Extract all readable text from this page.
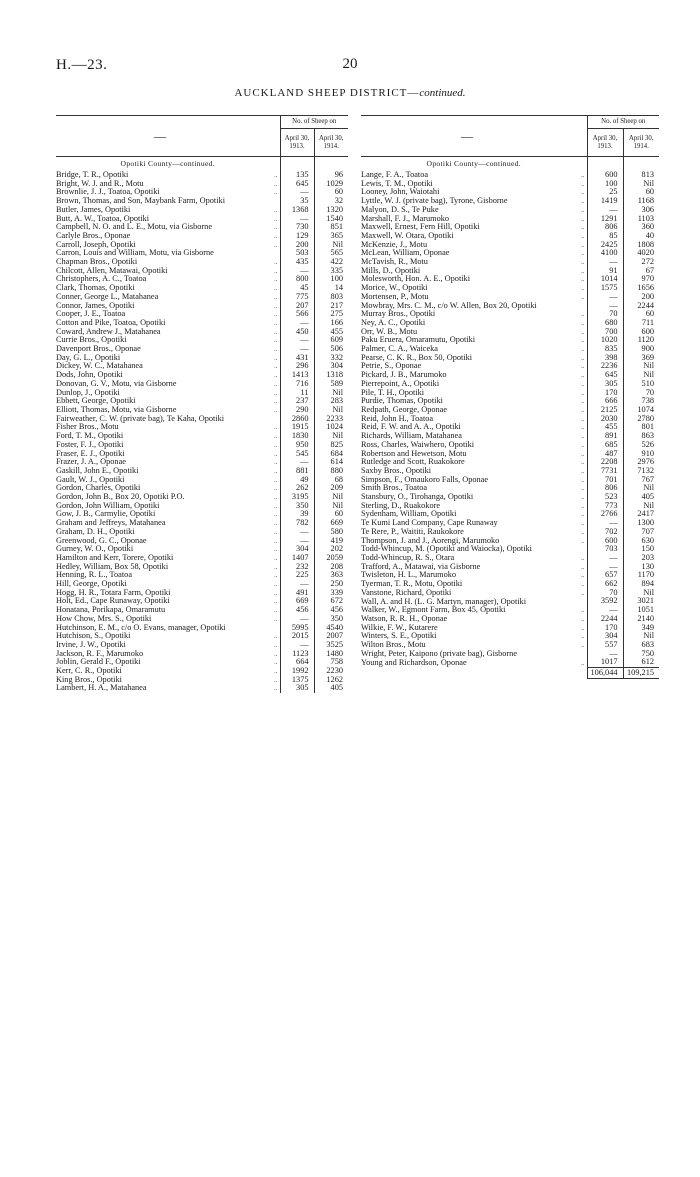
H.—23.	20
AUCKLAND SHEEP DISTRICT—continued.
—		No. of Sheep on	
		April 30, 1913.	April 30, 1914.
Opotiki County—continued.			
Bridge, T. R., Opotiki	..	135	96
Bright, W. J. and R., Motu	..	645	1029
Brownlie, J. J., Toatoa, Opotiki	..	—	60
Brown, Thomas, and Son, Maybank Farm, Opotiki		35	32
Butler, James, Opotiki	..	1368	1320
Butt, A. W., Toatoa, Opotiki	..	—	1540
Campbell, N. O. and L. E., Motu, via Gisborne	..	730	851
Carlyle Bros., Oponae	..	129	365
Carroll, Joseph, Opotiki	..	200	Nil
Carron, Louis and William, Motu, via Gisborne		503	565
Chapman Bros., Opotiki	..	435	422
Chilcott, Allen, Matawai, Opotiki	..	—	335
Christophers, A. C., Toatoa	..	800	100
Clark, Thomas, Opotiki	..	45	14
Conner, George L., Matahanea	..	775	803
Connor, James, Opotiki	..	207	217
Cooper, J. E., Toatoa	..	566	275
Cotton and Pike, Toatoa, Opotiki	..	—	166
Coward, Andrew J., Matahanea	..	450	455
Currie Bros., Opotiki	..	—	609
Davenport Bros., Oponae	..	—	506
Day, G. L., Opotiki	..	431	332
Dickey, W. C., Matahanea	..	296	304
Dods, John, Opotiki	..	1413	1318
Donovan, G. V., Motu, via Gisborne	..	716	589
Dunlop, J., Opotiki	..	11	Nil
Ebbett, George, Opotiki	..	237	283
Elliott, Thomas, Motu, via Gisborne	..	290	Nil
Fairweather, C. W. (private bag), Te Kaha, Opotiki		2860	2233
Fisher Bros., Motu	..	1915	1024
Ford, T. M., Opotiki	..	1830	Nil
Foster, F. J., Opotiki	..	950	825
Fraser, E. J., Opotiki	..	545	684
Frazer, J. A., Oponae	..	—	614
Gaskill, John E., Opotiki	..	881	880
Gault, W. J., Opotiki	..	49	68
Gordon, Charles, Opotiki	..	262	209
Gordon, John B., Box 20, Opotiki P.O.	..	3195	Nil
Gordon, John William, Opotiki	..	350	Nil
Gow, J. B., Carmylie, Opotiki	..	39	60
Graham and Jeffreys, Matahanea	..	782	669
Graham, D. H., Opotiki	..	—	580
Greenwood, G. C., Oponae	..	—	419
Gurney, W. O., Opotiki	..	304	202
Hamilton and Kerr, Torere, Opotiki	..	1407	2059
Hedley, William, Box 58, Opotiki	..	232	208
Henning, R. L., Toatoa	..	225	363
Hill, George, Opotiki	..	—	250
Hogg, H. R., Totara Farm, Opotiki	..	491	339
Holt, Ed., Cape Runaway, Opotiki	..	669	672
Honatana, Porikapa, Omaramutu	..	456	456
How Chow, Mrs. S., Opotiki	..	—	350
Hutchinson, E. M., c/o O. Evans, manager, Opotiki		5995	4540
Hutchison, S., Opotiki	..	2015	2007
Irvine, J. W., Opotiki	..	—	3525
Jackson, R. F., Marumoko	..	1123	1480
Joblin, Gerald F., Opotiki	..	664	758
Kerr, C. R., Opotiki	..	1992	2230
King Bros., Opotiki	..	1375	1262
Lambert, H. A., Matahanea	..	305	405
—		No. of Sheep on	
		April 30, 1913.	April 30, 1914.
Opotiki County—continued.			
Lange, F. A., Toatoa	..	600	813
Lewis, T. M., Opotiki	..	100	Nil
Looney, John, Waiotahi	..	25	60
Lyttle, W. J. (private bag), Tyrone, Gisborne	..	1419	1168
Malyon, D. S., Te Puke	..	—	306
Marshall, F. J., Marumoko	..	1291	1103
Maxwell, Ernest, Fern Hill, Opotiki	..	806	360
Maxwell, W. Otara, Opotiki	..	85	40
McKenzie, J., Motu	..	2425	1808
McLean, William, Oponae	..	4100	4020
McTavish, R., Motu	..	—	272
Mills, D., Opotiki	..	91	67
Molesworth, Hon. A. E., Opotiki	..	1014	970
Morice, W., Opotiki	..	1575	1656
Mortensen, P., Motu	..	—	200
Mowbray, Mrs. C. M., c/o W. Allen, Box 20, Opotiki		—	2244
Murray Bros., Opotiki	..	70	60
Ney, A. C., Opotiki	..	680	711
Orr, W. B., Motu	..	700	600
Paku Eruera, Omaramutu, Opotiki	..	1020	1120
Palmer, C. A., Waiceka	..	835	900
Pearse, C. K. R., Box 50, Opotiki	..	398	369
Petrie, S., Oponae	..	2236	Nil
Pickard, J. B., Marumoko	..	645	Nil
Pierrepoint, A., Opotiki	..	305	510
Pile, T. H., Opotiki	..	170	70
Purdie, Thomas, Opotiki	..	666	738
Redpath, George, Oponae	..	2125	1074
Reid, John H., Toatoa	..	2030	2780
Reid, F. W. and A. A., Opotiki	..	455	801
Richards, William, Matahanea	..	891	863
Ross, Charles, Waiwhero, Opotiki	..	685	526
Robertson and Hewetson, Motu	..	487	910
Rutledge and Scott, Ruakokore	..	2208	2976
Saxby Bros., Opotiki	..	7731	7132
Simpson, F., Omaukoro Falls, Oponae	..	701	767
Smith Bros., Toatoa	..	806	Nil
Stansbury, O., Tirohanga, Opotiki	..	523	405
Sterling, D., Ruakokore	..	773	Nil
Sydenham, William, Opotiki	..	2766	2417
Te Kumi Land Company, Cape Runaway	..	—	1300
Te Rere, P., Waititi, Raukokore	..	702	707
Thompson, J. and J., Aorengi, Marumoko	..	600	630
Todd-Whincup, M. (Opotiki and Waiocka), Opotiki		703	150
Todd-Whincup, R. S., Otara	..	—	203
Trafford, A., Matawai, via Gisborne	..	—	130
Twisleton, H. L., Marumoko	..	657	1170
Tyerman, T. R., Motu, Opotiki	..	662	894
Vanstone, Richard, Opotiki	..	70	Nil
Wall, A. and H. (L. G. Martyn, manager), Opotiki		3592	3021
Walker, W., Egmont Farm, Box 45, Opotiki	..	—	1051
Watson, R. R. H., Oponae	..	2244	2140
Wilkie, F. W., Kutarere	..	170	349
Winters, S. E., Opotiki	..	304	Nil
Wilton Bros., Motu	..	557	683
Wright, Peter, Kaipono (private bag), Gisborne		—	750
Young and Richardson, Oponae	..	1017	612
		106,044	109,215
